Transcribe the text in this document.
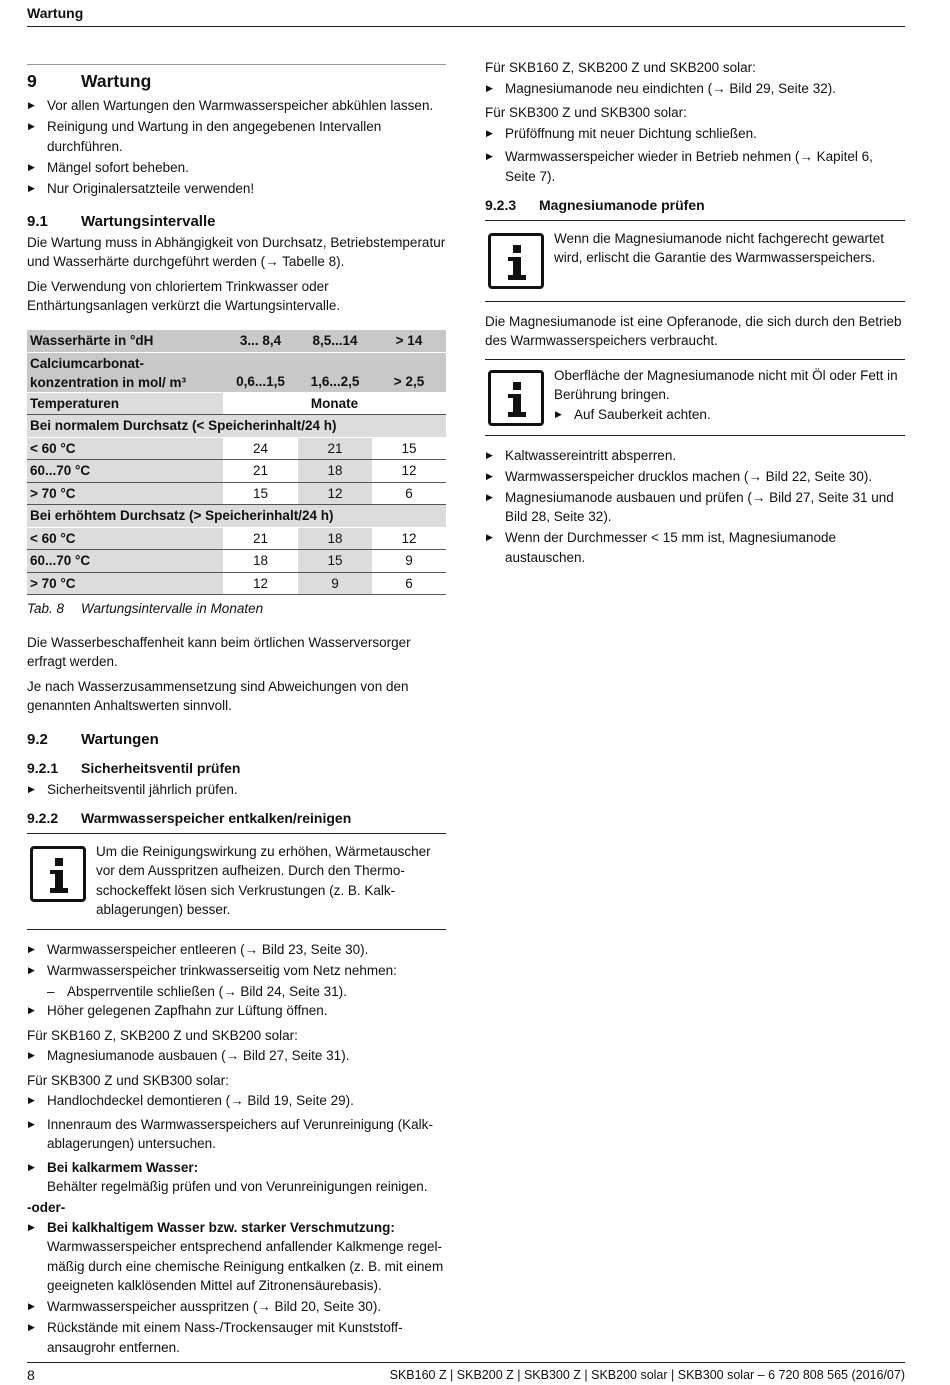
Wartung
9	Wartung
▶ Vor allen Wartungen den Warmwasserspeicher abkühlen lassen.
▶ Reinigung und Wartung in den angegebenen Intervallen durchführen.
▶ Mängel sofort beheben.
▶ Nur Originalersatzteile verwenden!
9.1	Wartungsintervalle

Die Wartung muss in Abhängigkeit von Durchsatz, Betriebstemperatur und Wasserhärte durchgeführt werden (→ Tabelle 8).

Die Verwendung von chloriertem Trinkwasser oder Enthärtungsanlagen verkürzt die Wartungsintervalle.

Wasserhärte in °dH	3... 8,4	8,5...14	> 14
Calciumcarbonat-
konzentration in mol/ m³	0,6...1,5	1,6...2,5	> 2,5
Temperaturen	Monate		
Bei normalem Durchsatz (< Speicherinhalt/24 h)			
< 60 °C	24	21	15
60...70 °C	21	18	12
> 70 °C	15	12	6
Bei erhöhtem Durchsatz (> Speicherinhalt/24 h)			
< 60 °C	21	18	12
60...70 °C	18	15	9
> 70 °C	12	9	6
Tab. 8	Wartungsintervalle in Monaten

Die Wasserbeschaffenheit kann beim örtlichen Wasserversorger erfragt werden.

Je nach Wasserzusammensetzung sind Abweichungen von den genannten Anhaltswerten sinnvoll.

9.2	Wartungen
9.2.1	Sicherheitsventil prüfen
▶ Sicherheitsventil jährlich prüfen.
9.2.2	Warmwasserspeicher entkalken/reinigen
Um die Reinigungswirkung zu erhöhen, Wärmetauscher vor dem Ausspritzen aufheizen. Durch den Thermoschockeffekt lösen sich Verkrustungen (z. B. Kalkablagerungen) besser.
▶ Warmwasserspeicher entleeren (→ Bild 23, Seite 30).
▶ Warmwasserspeicher trinkwasserseitig vom Netz nehmen:
– Absperrventile schließen (→ Bild 24, Seite 31).
▶ Höher gelegenen Zapfhahn zur Lüftung öffnen.

Für SKB160 Z, SKB200 Z und SKB200 solar:

▶ Magnesiumanode ausbauen (→ Bild 27, Seite 31).

Für SKB300 Z und SKB300 solar:

▶ Handlochdeckel demontieren (→ Bild 19, Seite 29).
▶ Innenraum des Warmwasserspeichers auf Verunreinigung (Kalkablagerungen) untersuchen.
▶ Bei kalkarmem Wasser:
Behälter regelmäßig prüfen und von Verunreinigungen reinigen.
-oder-
▶ Bei kalkhaltigem Wasser bzw. starker Verschmutzung:
Warmwasserspeicher entsprechend anfallender Kalkmenge regelmäßig durch eine chemische Reinigung entkalken (z. B. mit einem geeigneten kalklösenden Mittel auf Zitronensäurebasis).
▶ Warmwasserspeicher ausspritzen (→ Bild 20, Seite 30).
▶ Rückstände mit einem Nass-/Trockensauger mit Kunststoffansaugrohr entfernen.

Für SKB160 Z, SKB200 Z und SKB200 solar:

▶ Magnesiumanode neu eindichten (→ Bild 29, Seite 32).

Für SKB300 Z und SKB300 solar:

▶ Prüföffnung mit neuer Dichtung schließen.
▶ Warmwasserspeicher wieder in Betrieb nehmen (→ Kapitel 6, Seite 7).
9.2.3	Magnesiumanode prüfen
Wenn die Magnesiumanode nicht fachgerecht gewartet wird, erlischt die Garantie des Warmwasserspeichers.

Die Magnesiumanode ist eine Opferanode, die sich durch den Betrieb des Warmwasserspeichers verbraucht.

Oberfläche der Magnesiumanode nicht mit Öl oder Fett in Berührung bringen.
▶ Auf Sauberkeit achten.
▶ Kaltwassereintritt absperren.
▶ Warmwasserspeicher drucklos machen (→ Bild 22, Seite 30).
▶ Magnesiumanode ausbauen und prüfen (→ Bild 27, Seite 31 und Bild 28, Seite 32).
▶ Wenn der Durchmesser < 15 mm ist, Magnesiumanode austauschen.
8	SKB160 Z | SKB200 Z | SKB300 Z | SKB200 solar | SKB300 solar – 6 720 808 565 (2016/07)
